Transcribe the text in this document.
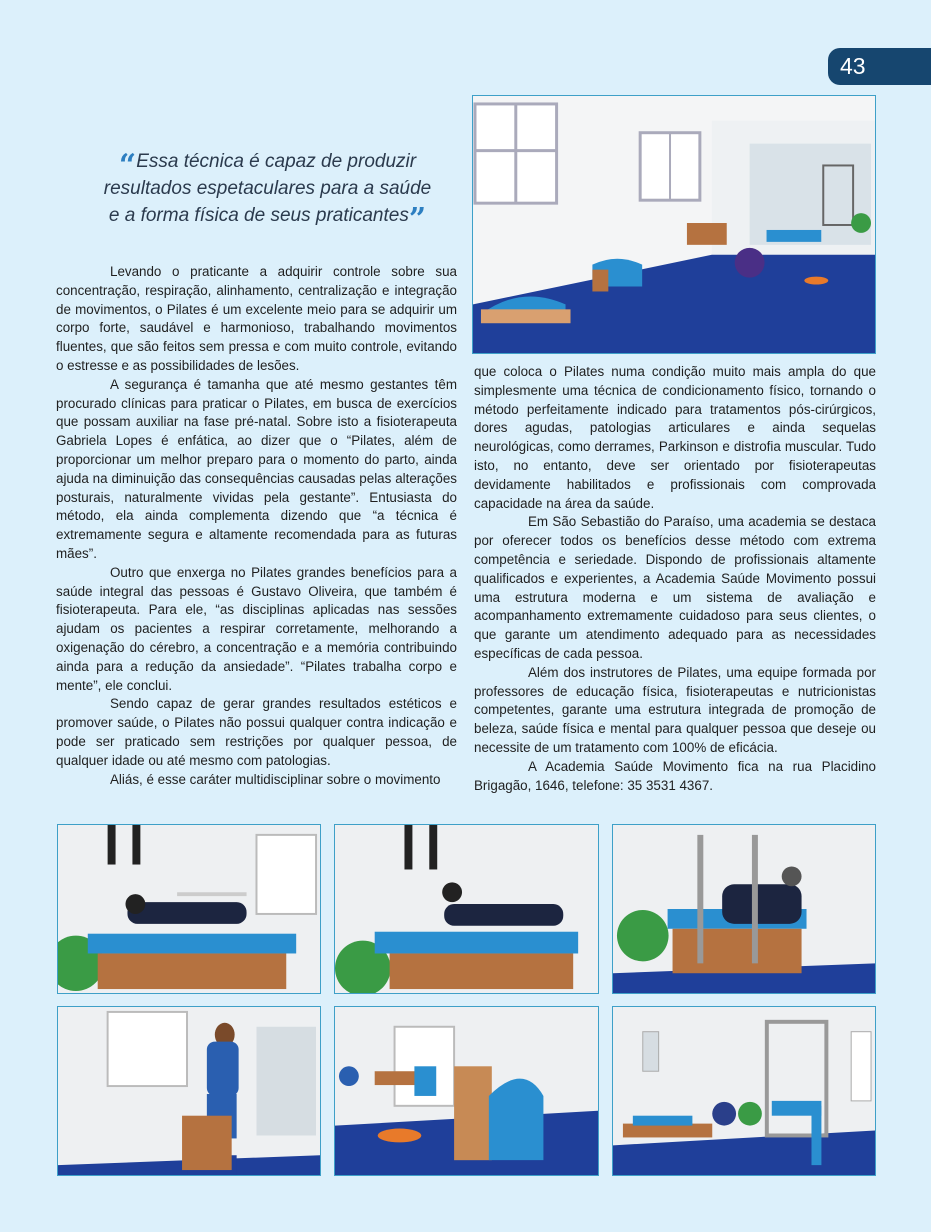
43
“Essa técnica é capaz de produzir
resultados espetaculares para a saúde
e a forma física de seus praticantes”

Levando o praticante a adquirir controle sobre sua concentração, respiração, alinhamento, centralização e integração de movimentos, o Pilates é um excelente meio para se adquirir um corpo forte, saudável e harmonioso, trabalhando movimentos fluentes, que são feitos sem pressa e com muito controle, evitando o estresse e as possibilidades de lesões.

A segurança é tamanha que até mesmo gestantes têm procurado clínicas para praticar o Pilates, em busca de exercícios que possam auxiliar na fase pré-natal. Sobre isto a fisioterapeuta Gabriela Lopes é enfática, ao dizer que o “Pilates, além de proporcionar um melhor preparo para o momento do parto, ainda ajuda na diminuição das consequências causadas pelas alterações posturais, naturalmente vividas pela gestante”. Entusiasta do método, ela ainda complementa dizendo que “a técnica é extremamente segura e altamente recomendada para as futuras mães”.

Outro que enxerga no Pilates grandes benefícios para a saúde integral das pessoas é Gustavo Oliveira, que também é fisioterapeuta. Para ele, “as disciplinas aplicadas nas sessões ajudam os pacientes a respirar corretamente, melhorando a oxigenação do cérebro, a concentração e a memória contribuindo ainda para a redução da ansiedade”. “Pilates trabalha corpo e mente”, ele conclui.

Sendo capaz de gerar grandes resultados estéticos e promover saúde, o Pilates não possui qualquer contra indicação e pode ser praticado sem restrições por qualquer pessoa, de qualquer idade ou até mesmo com patologias.

Aliás, é esse caráter multidisciplinar sobre o movimento

que coloca o Pilates numa condição muito mais ampla do que simplesmente uma técnica de condicionamento físico, tornando o método perfeitamente indicado para tratamentos pós-cirúrgicos, dores agudas, patologias articulares e ainda sequelas neurológicas, como derrames, Parkinson e distrofia muscular. Tudo isto, no entanto, deve ser orientado por fisioterapeutas devidamente habilitados e profissionais com comprovada capacidade na área da saúde.

Em São Sebastião do Paraíso, uma academia se destaca por oferecer todos os benefícios desse método com extrema competência e seriedade. Dispondo de profissionais altamente qualificados e experientes, a Academia Saúde Movimento possui uma estrutura moderna e um sistema de avaliação e acompanhamento extremamente cuidadoso para seus clientes, o que garante um atendimento adequado para as necessidades específicas de cada pessoa.

Além dos instrutores de Pilates, uma equipe formada por professores de educação física, fisioterapeutas e nutricionistas competentes, garante uma estrutura integrada de promoção de beleza, saúde física e mental para qualquer pessoa que deseje ou necessite de um tratamento com 100% de eficácia.

A Academia Saúde Movimento fica na rua Placidino Brigagão, 1646, telefone: 35 3531 4367.
